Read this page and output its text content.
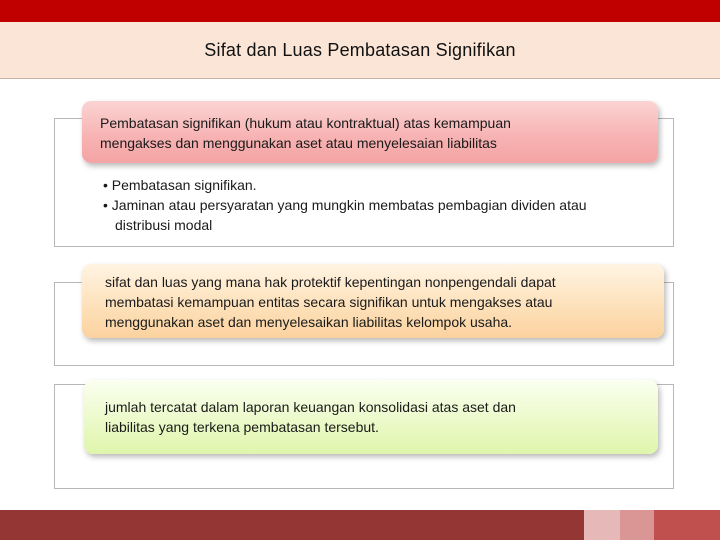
Sifat dan Luas Pembatasan Signifikan
Pembatasan signifikan (hukum atau kontraktual) atas kemampuan
mengakses dan menggunakan aset atau menyelesaian liabilitas
• Pembatasan signifikan.
• Jaminan atau persyaratan yang mungkin membatas pembagian dividen atau distribusi modal
sifat dan luas yang mana hak protektif kepentingan nonpengendali dapat
membatasi kemampuan entitas secara signifikan untuk mengakses atau
menggunakan aset dan menyelesaikan liabilitas kelompok usaha.
jumlah tercatat dalam laporan keuangan konsolidasi atas aset dan
liabilitas yang terkena pembatasan tersebut.
